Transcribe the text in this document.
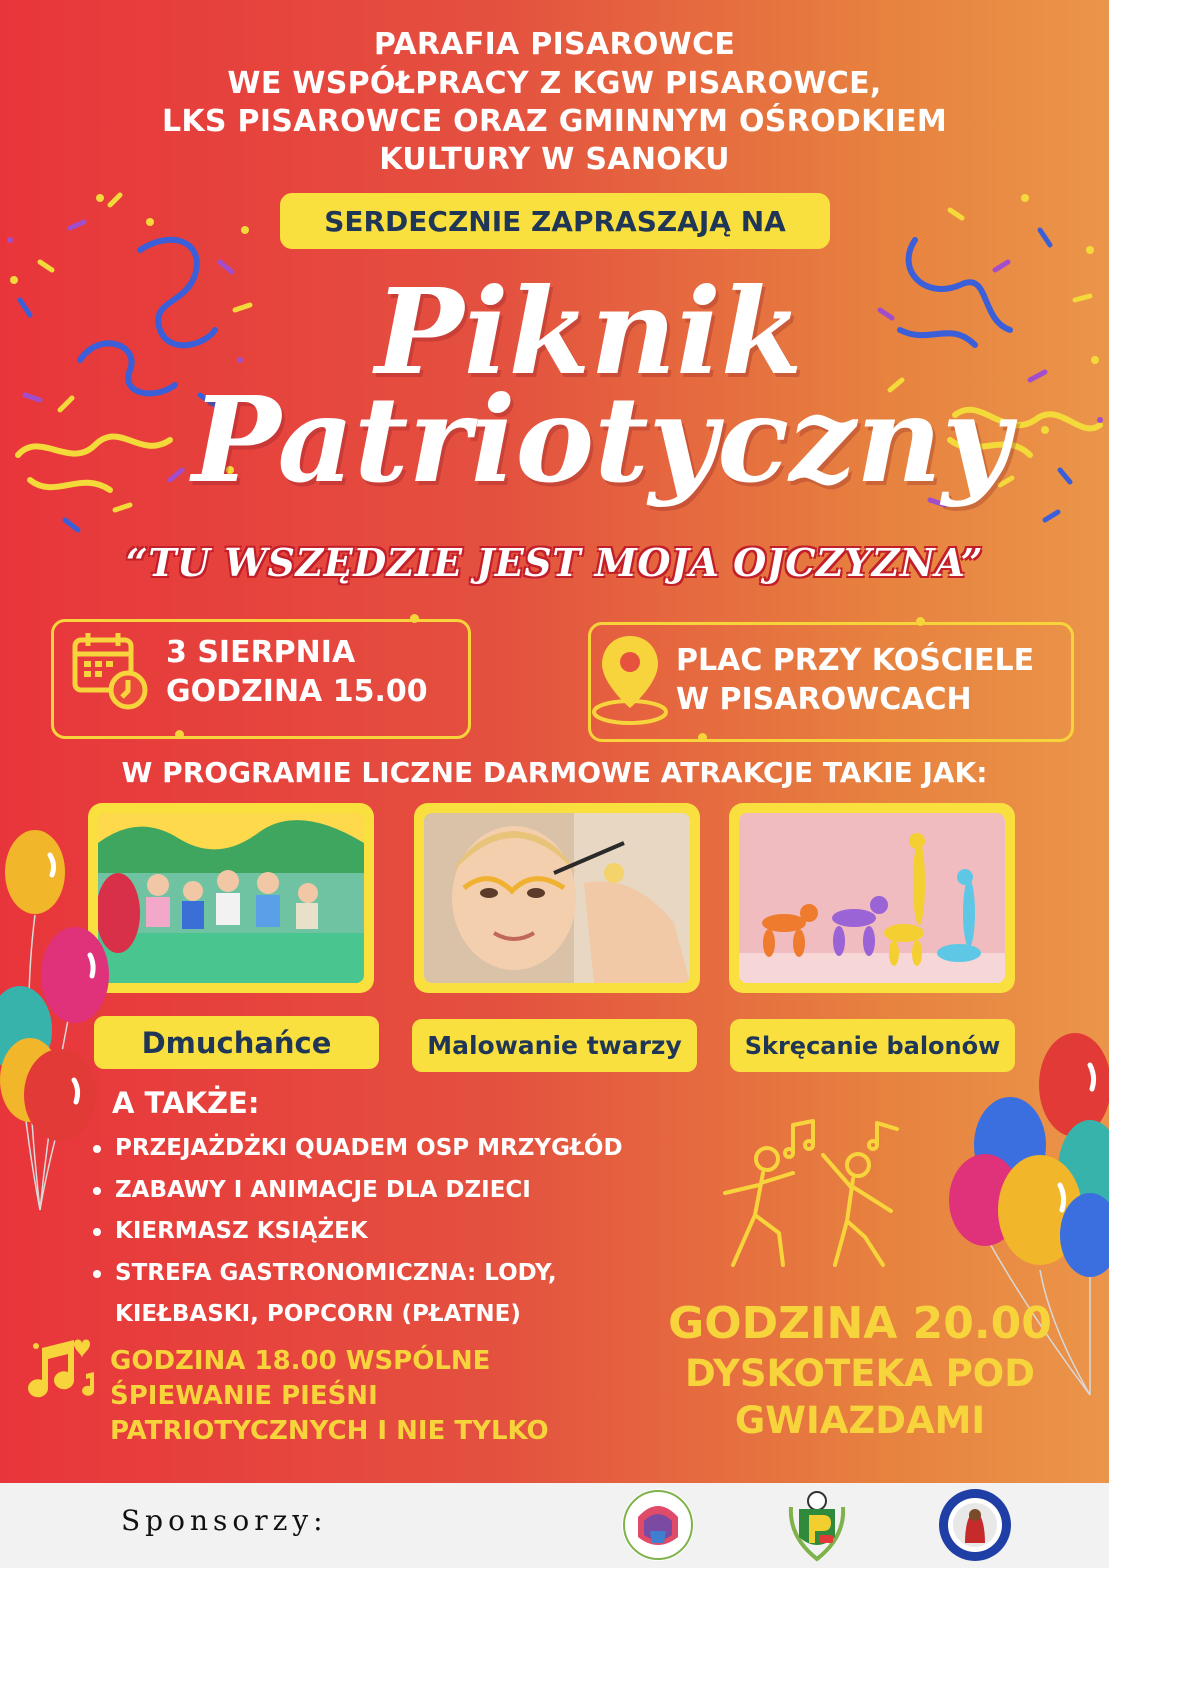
PARAFIA PISAROWCE
WE WSPÓŁPRACY Z KGW PISAROWCE,
LKS PISAROWCE ORAZ GMINNYM OŚRODKIEM
KULTURY W SANOKU
SERDECZNIE ZAPRASZAJĄ NA
Piknik
Patriotyczny
“TU WSZĘDZIE JEST MOJA OJCZYZNA”
3 SIERPNIA
GODZINA 15.00
PLAC PRZY KOŚCIELE
W PISAROWCACH
W PROGRAMIE LICZNE DARMOWE ATRAKCJE TAKIE JAK:
Dmuchańce	Malowanie twarzy	Skręcanie balonów
A TAKŻE:
PRZEJAŻDŻKI QUADEM OSP MRZYGŁÓD
ZABAWY I ANIMACJE DLA DZIECI
KIERMASZ KSIĄŻEK
STREFA GASTRONOMICZNA: LODY,
KIEŁBASKI, POPCORN (PŁATNE)
GODZINA 18.00 WSPÓLNE
ŚPIEWANIE PIEŚNI
PATRIOTYCZNYCH I NIE TYLKO
GODZINA 20.00
DYSKOTEKA POD
GWIAZDAMI
Sponsorzy:
